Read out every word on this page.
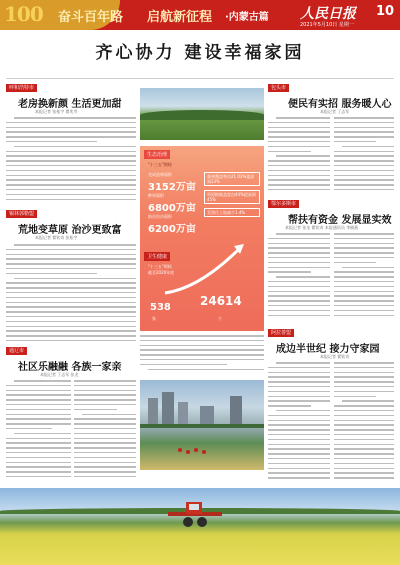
100 奋斗百年路 启航新征程 ·内蒙古篇 人民日报 10
2021年5月10日 星期一
齐心协力 建设幸福家园
呼和浩特市
老房换新颜 生活更加甜
本报记者 张枨宇 翟兆岑
锡林郭勒盟
荒地变草原 治沙更致富
本报记者 翟钦奇 张枨宇
通辽市
社区乐融融 各族一家亲
本报记者 丁志军 张龙
生态治理
"十三五"期间
完成造林面积
3152万亩
种草面积
6800万亩
防沙治沙面积
6200万亩
森林覆盖率由21.03%提高到23%
草原植被盖度由44%提高到45%
荒漠化土地减少1.4%
卫生健康
"十三五"期间
截至2020年底
538
家
24614
个
包头市
便民有实招 服务暖人心
本报记者 丁志军
鄂尔多斯市
帮扶有资金 发展显实效
本报记者 张龙 翟钦奇 本报通讯员 李晓燕
阿拉善盟
成边半世纪 接力守家园
本报记者 翟钦奇
